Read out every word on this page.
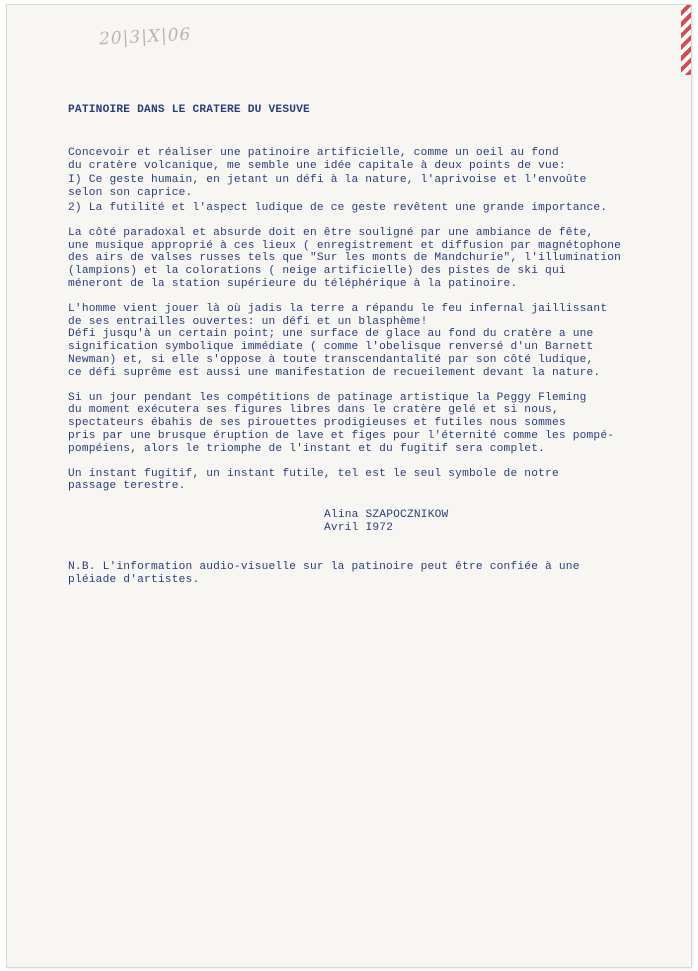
20|3|X|06
PATINOIRE DANS LE CRATERE DU VESUVE
Concevoir et réaliser une patinoire artificielle, comme un oeil au fond
du cratère volcanique, me semble une idée capitale à deux points de vue:
I) Ce geste humain, en jetant un défi à la nature, l'aprivoise et l'envoûte
selon son caprice.
2) La futilité et l'aspect ludique de ce geste revêtent une grande importance.
La côté paradoxal et absurde doit en être souligné par une ambiance de fête,
une musique approprié à ces lieux ( enregistrement et diffusion par magnétophone
des airs de valses russes tels que "Sur les monts de Mandchurie", l'illumination
(lampions) et la colorations ( neige artificielle) des pistes de ski qui
méneront de la station supérieure du téléphérique à la patinoire.
L'homme vient jouer là où jadis la terre a répandu le feu infernal jaillissant
de ses entrailles ouvertes: un défi et un blasphème!
Défi jusqu'à un certain point; une surface de glace au fond du cratère a une
signification symbolique immédiate ( comme l'obelisque renversé d'un Barnett
Newman) et, si elle s'oppose à toute transcendantalité par son côté ludique,
ce défi suprême est aussi une manifestation de recueilement devant la nature.
Si un jour pendant les compétitions de patinage artistique la Peggy Fleming
du moment exécutera ses figures libres dans le cratère gelé et si nous,
spectateurs ébahis de ses pirouettes prodigieuses et futiles nous sommes
pris par une brusque éruption de lave et figes pour l'éternité comme les pompé-
pompéiens, alors le triomphe de l'instant et du fugitif sera complet.
Un instant fugitif, un instant futile, tel est le seul symbole de notre
passage terestre.
Alina SZAPOCZNIKOW
Avril I972
N.B. L'information audio-visuelle sur la patinoire peut être confiée à une
pléiade d'artistes.
